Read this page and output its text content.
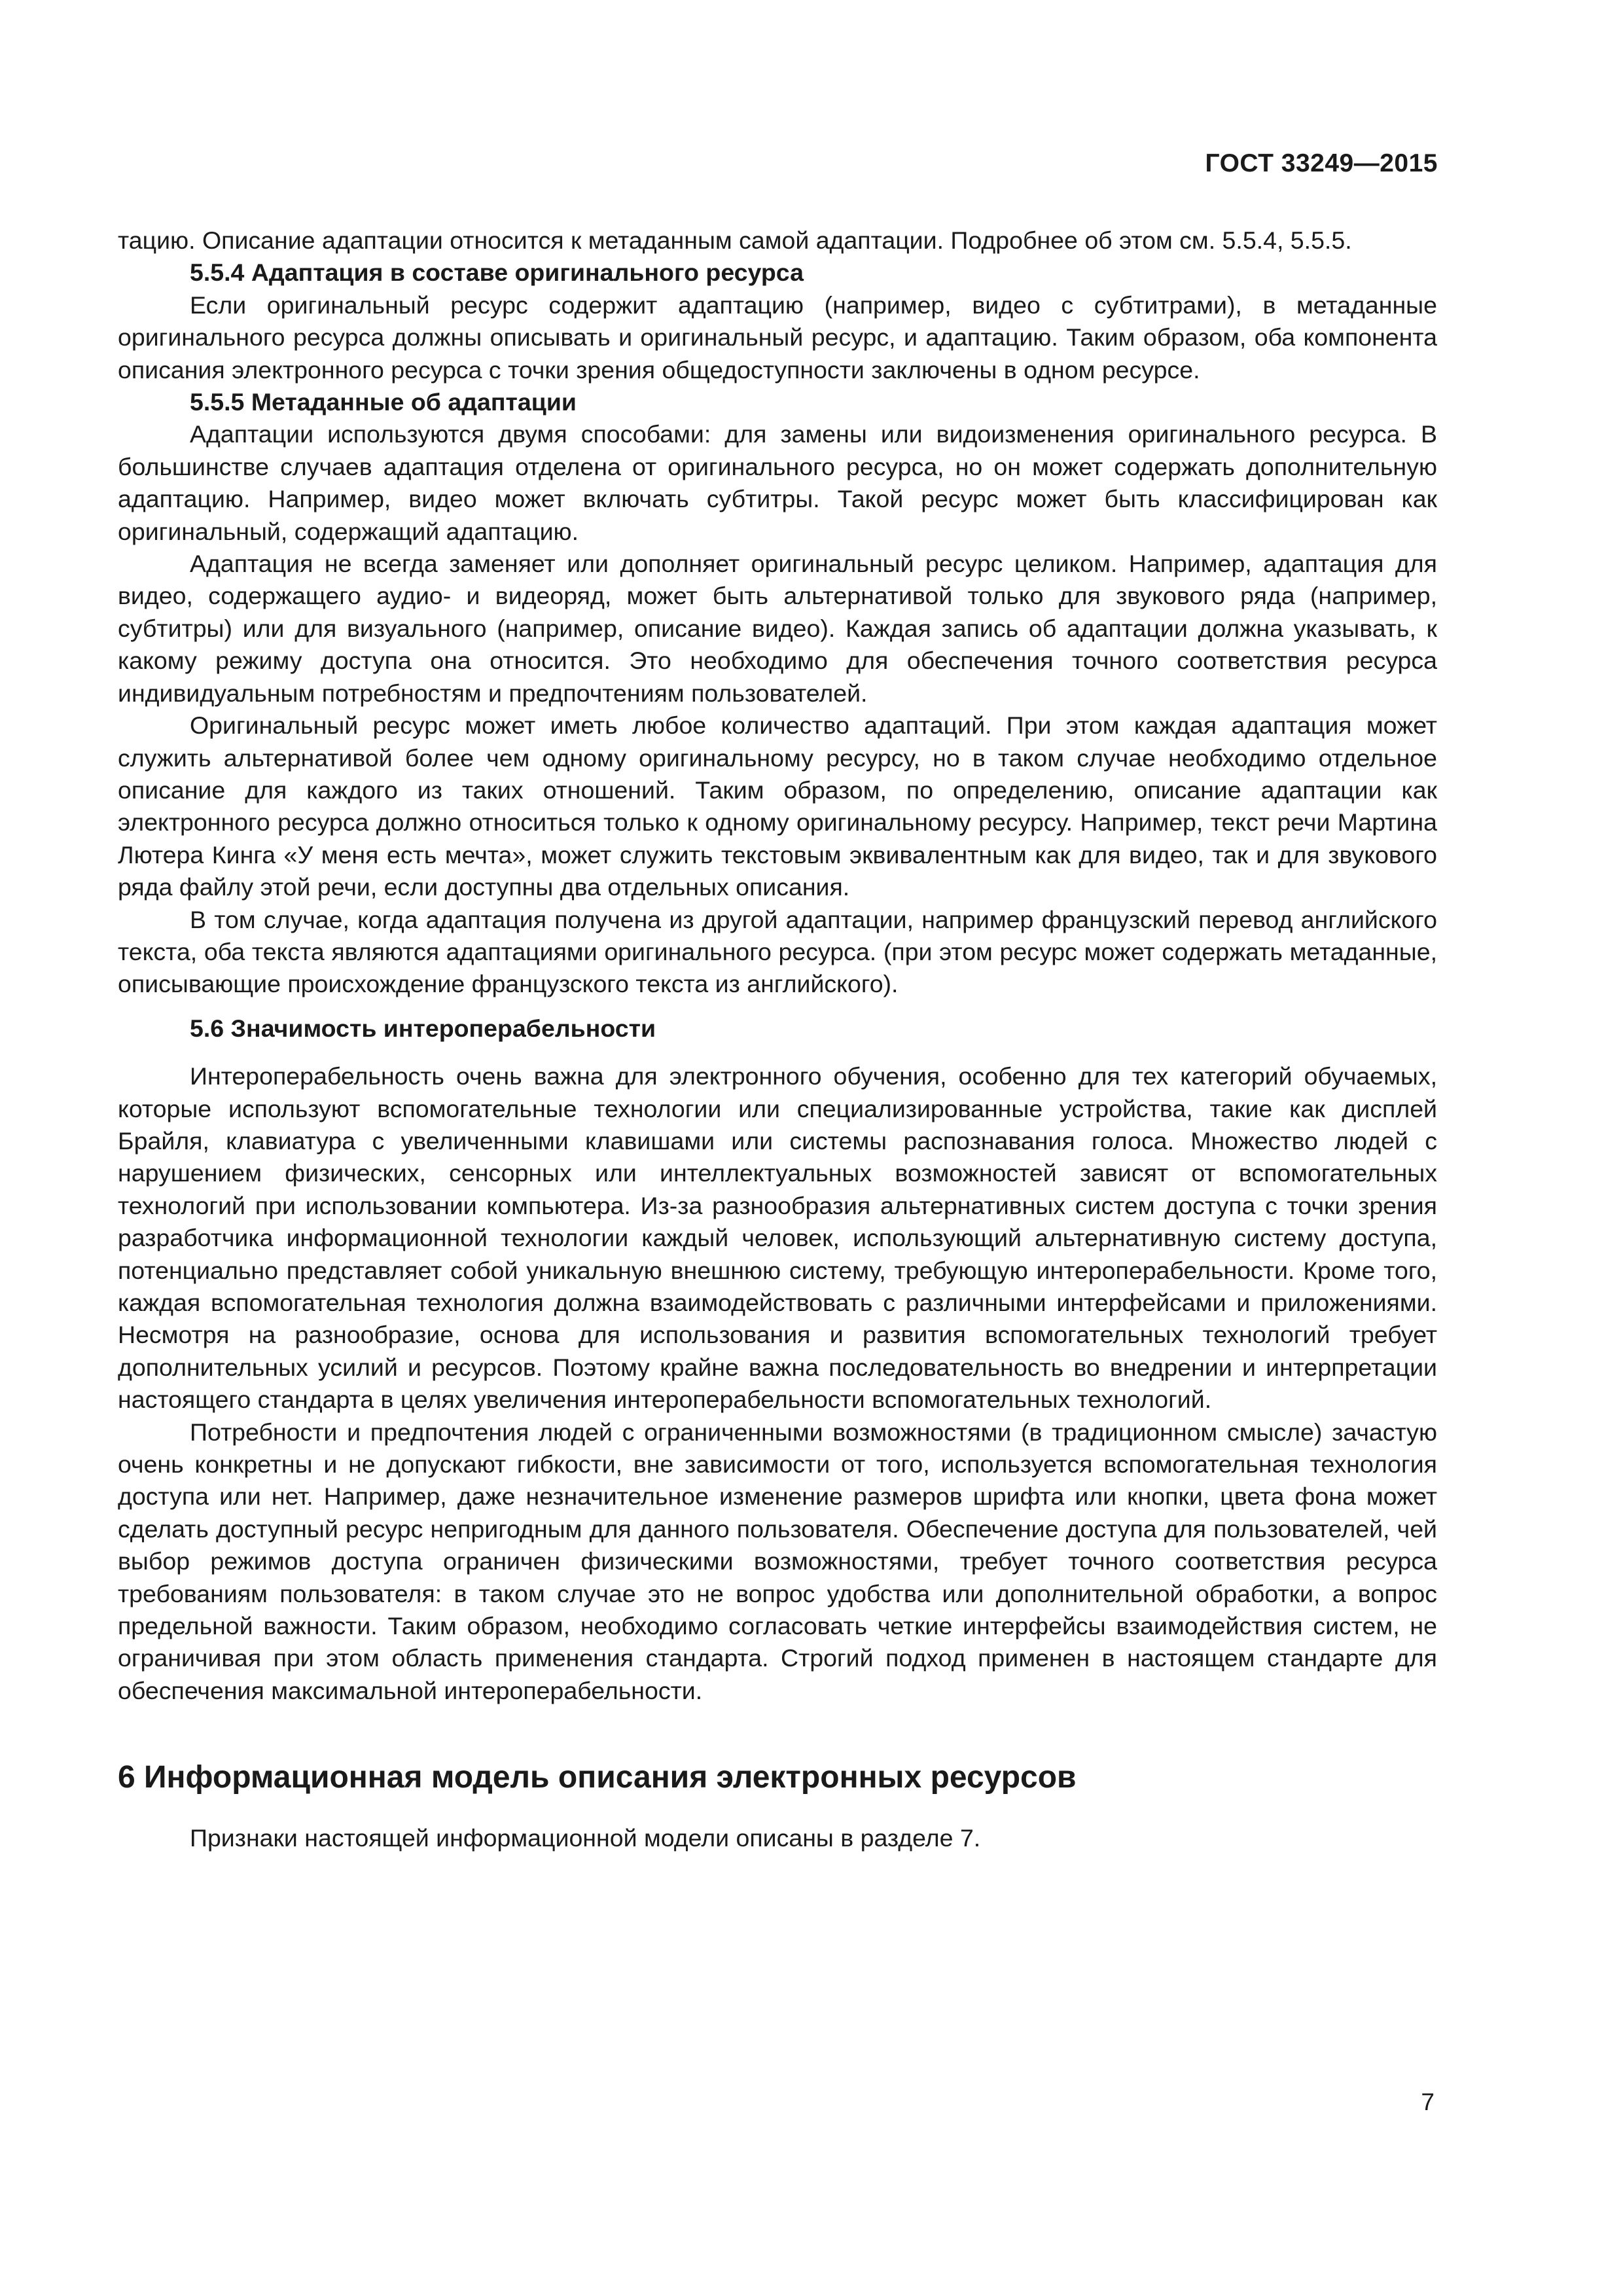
ГОСТ 33249—2015

тацию. Описание адаптации относится к метаданным самой адаптации. Подробнее об этом см. 5.5.4, 5.5.5.

5.5.4 Адаптация в составе оригинального ресурса

Если оригинальный ресурс содержит адаптацию (например, видео с субтитрами), в метаданные оригинального ресурса должны описывать и оригинальный ресурс, и адаптацию. Таким образом, оба компонента описания электронного ресурса с точки зрения общедоступности заключены в одном ресурсе.

5.5.5 Метаданные об адаптации

Адаптации используются двумя способами: для замены или видоизменения оригинального ресурса. В большинстве случаев адаптация отделена от оригинального ресурса, но он может содержать дополнительную адаптацию. Например, видео может включать субтитры. Такой ресурс может быть классифицирован как оригинальный, содержащий адаптацию.

Адаптация не всегда заменяет или дополняет оригинальный ресурс целиком. Например, адаптация для видео, содержащего аудио- и видеоряд, может быть альтернативой только для звукового ряда (например, субтитры) или для визуального (например, описание видео). Каждая запись об адаптации должна указывать, к какому режиму доступа она относится. Это необходимо для обеспечения точного соответствия ресурса индивидуальным потребностям и предпочтениям пользователей.

Оригинальный ресурс может иметь любое количество адаптаций. При этом каждая адаптация может служить альтернативой более чем одному оригинальному ресурсу, но в таком случае необходимо отдельное описание для каждого из таких отношений. Таким образом, по определению, описание адаптации как электронного ресурса должно относиться только к одному оригинальному ресурсу. Например, текст речи Мартина Лютера Кинга «У меня есть мечта», может служить текстовым эквивалентным как для видео, так и для звукового ряда файлу этой речи, если доступны два отдельных описания.

В том случае, когда адаптация получена из другой адаптации, например французский перевод английского текста, оба текста являются адаптациями оригинального ресурса. (при этом ресурс может содержать метаданные, описывающие происхождение французского текста из английского).

5.6 Значимость интероперабельности

Интероперабельность очень важна для электронного обучения, особенно для тех категорий обучаемых, которые используют вспомогательные технологии или специализированные устройства, такие как дисплей Брайля, клавиатура с увеличенными клавишами или системы распознавания голоса. Множество людей с нарушением физических, сенсорных или интеллектуальных возможностей зависят от вспомогательных технологий при использовании компьютера. Из-за разнообразия альтернативных систем доступа с точки зрения разработчика информационной технологии каждый человек, использующий альтернативную систему доступа, потенциально представляет собой уникальную внешнюю систему, требующую интероперабельности. Кроме того, каждая вспомогательная технология должна взаимодействовать с различными интерфейсами и приложениями. Несмотря на разнообразие, основа для использования и развития вспомогательных технологий требует дополнительных усилий и ресурсов. Поэтому крайне важна последовательность во внедрении и интерпретации настоящего стандарта в целях увеличения интероперабельности вспомогательных технологий.

Потребности и предпочтения людей с ограниченными возможностями (в традиционном смысле) зачастую очень конкретны и не допускают гибкости, вне зависимости от того, используется вспомогательная технология доступа или нет. Например, даже незначительное изменение размеров шрифта или кнопки, цвета фона может сделать доступный ресурс непригодным для данного пользователя. Обеспечение доступа для пользователей, чей выбор режимов доступа ограничен физическими возможностями, требует точного соответствия ресурса требованиям пользователя: в таком случае это не вопрос удобства или дополнительной обработки, а вопрос предельной важности. Таким образом, необходимо согласовать четкие интерфейсы взаимодействия систем, не ограничивая при этом область применения стандарта. Строгий подход применен в настоящем стандарте для обеспечения максимальной интероперабельности.

6 Информационная модель описания электронных ресурсов

Признаки настоящей информационной модели описаны в разделе 7.

7
